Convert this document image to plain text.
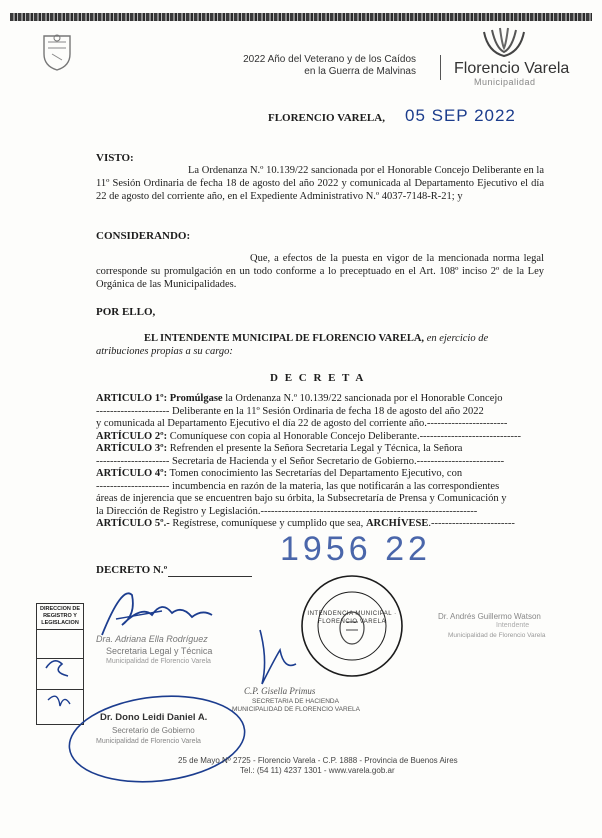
2022 Año del Veterano y de los Caídos
en la Guerra de Malvinas Florencio Varela
Municipalidad
FLORENCIO VARELA, 05 SEP 2022
VISTO:
La Ordenanza N.º 10.139/22 sancionada por el Honorable Concejo Deliberante en la 11º Sesión Ordinaria de fecha 18 de agosto del año 2022 y comunicada al Departamento Ejecutivo el día 22 de agosto del corriente año, en el Expediente Administrativo N.º 4037-7148-R-21; y
CONSIDERANDO:
Que, a efectos de la puesta en vigor de la mencionada norma legal corresponde su promulgación en un todo conforme a lo preceptuado en el Art. 108º inciso 2º de la Ley Orgánica de las Municipalidades.
POR ELLO,
EL INTENDENTE MUNICIPAL DE FLORENCIO VARELA, en ejercicio de
atribuciones propias a su cargo:
D E C R E T A
ARTÍCULO 1º: Promúlgase la Ordenanza N.º 10.139/22 sancionada por el Honorable Concejo
--------------------- Deliberante en la 11º Sesión Ordinaria de fecha 18 de agosto del año 2022
y comunicada al Departamento Ejecutivo el día 22 de agosto del corriente año.-----------------------
ARTÍCULO 2º: Comuníquese con copia al Honorable Concejo Deliberante.-----------------------------
ARTÍCULO 3º: Refrenden el presente la Señora Secretaria Legal y Técnica, la Señora
--------------------- Secretaria de Hacienda y el Señor Secretario de Gobierno.-------------------------
ARTÍCULO 4º: Tomen conocimiento las Secretarías del Departamento Ejecutivo, con
--------------------- incumbencia en razón de la materia, las que notificarán a las correspondientes
áreas de injerencia que se encuentren bajo su órbita, la Subsecretaría de Prensa y Comunicación y
la Dirección de Registro y Legislación.--------------------------------------------------------------
ARTÍCULO 5º.- Regístrese, comuníquese y cumplido que sea, ARCHÍVESE.------------------------
1956 22
DECRETO N.º
DIRECCION DE
REGISTRO Y
LEGISLACION
Dra. Adriana Ella Rodríguez
Secretaria Legal y Técnica
Municipalidad de Florencio Varela
INTENDENCIA MUNICIPAL · FLORENCIO VARELA
C.P. Gisella Primus
SECRETARIA DE HACIENDA
MUNICIPALIDAD DE FLORENCIO VARELA
Dr. Andrés Guillermo Watson
Intendente
Municipalidad de Florencio Varela
Dr. Dono Leidi Daniel A.
Secretario de Gobierno
Municipalidad de Florencio Varela
25 de Mayo Nº 2725 - Florencio Varela - C.P. 1888 - Provincia de Buenos Aires
Tel.: (54 11) 4237 1301 - www.varela.gob.ar
